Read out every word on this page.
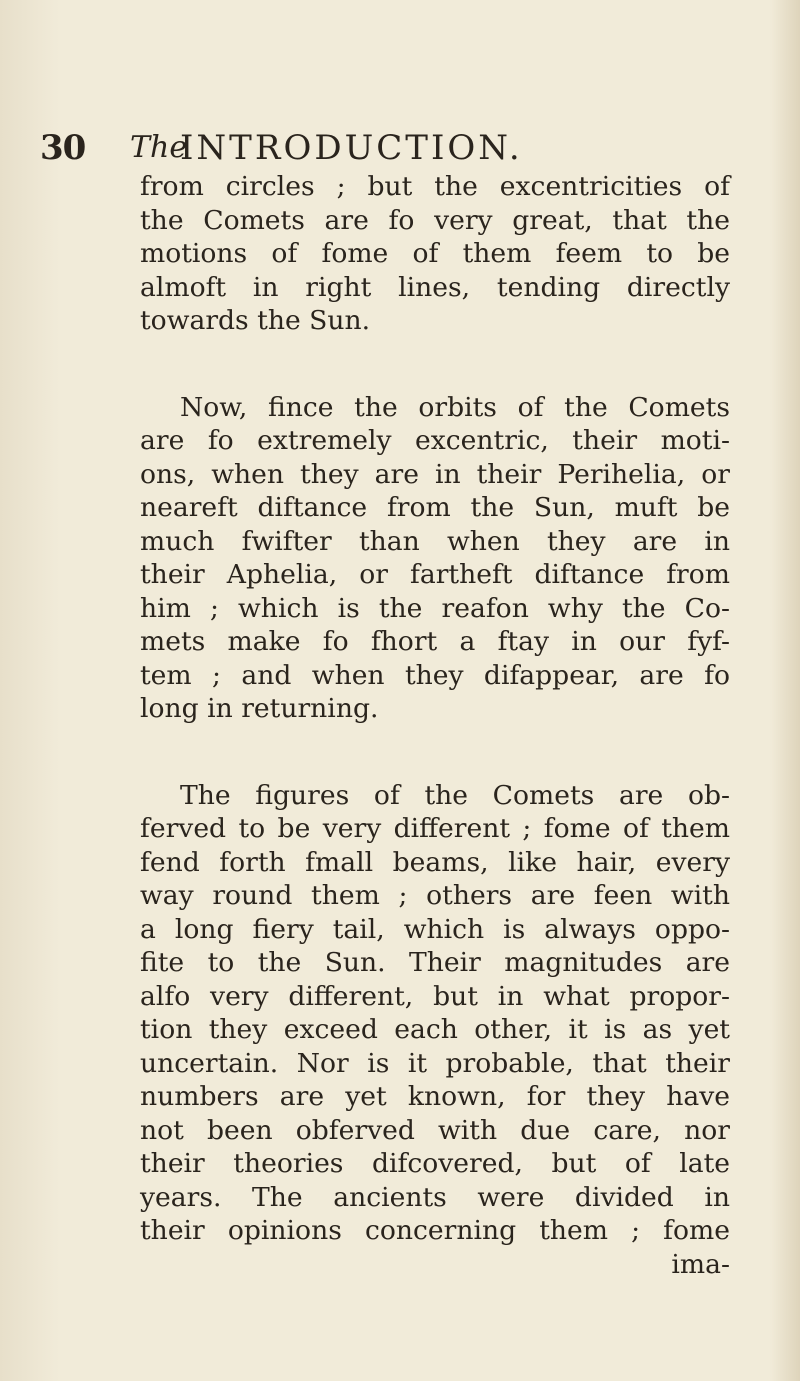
30 The
INTRODUCTION.
from circles ; but the excentricities of
the Comets are fo very great, that the
motions of fome of them feem to be
almoft in right lines, tending directly
towards the Sun.
Now, fince the orbits of the Comets
are fo extremely excentric, their moti-
ons, when they are in their Perihelia, or
neareft diftance from the Sun, muft be
much fwifter than when they are in
their Aphelia, or fartheft diftance from
him ; which is the reafon why the Co-
mets make fo fhort a ftay in our fyf-
tem ; and when they difappear, are fo
long in returning.
The figures of the Comets are ob-
ferved to be very different ; fome of them
fend forth fmall beams, like hair, every
way round them ; others are feen with
a long fiery tail, which is always oppo-
fite to the Sun. Their magnitudes are
alfo very different, but in what propor-
tion they exceed each other, it is as yet
uncertain. Nor is it probable, that their
numbers are yet known, for they have
not been obferved with due care, nor
their theories difcovered, but of late
years. The ancients were divided in
their opinions concerning them ; fome
ima-
